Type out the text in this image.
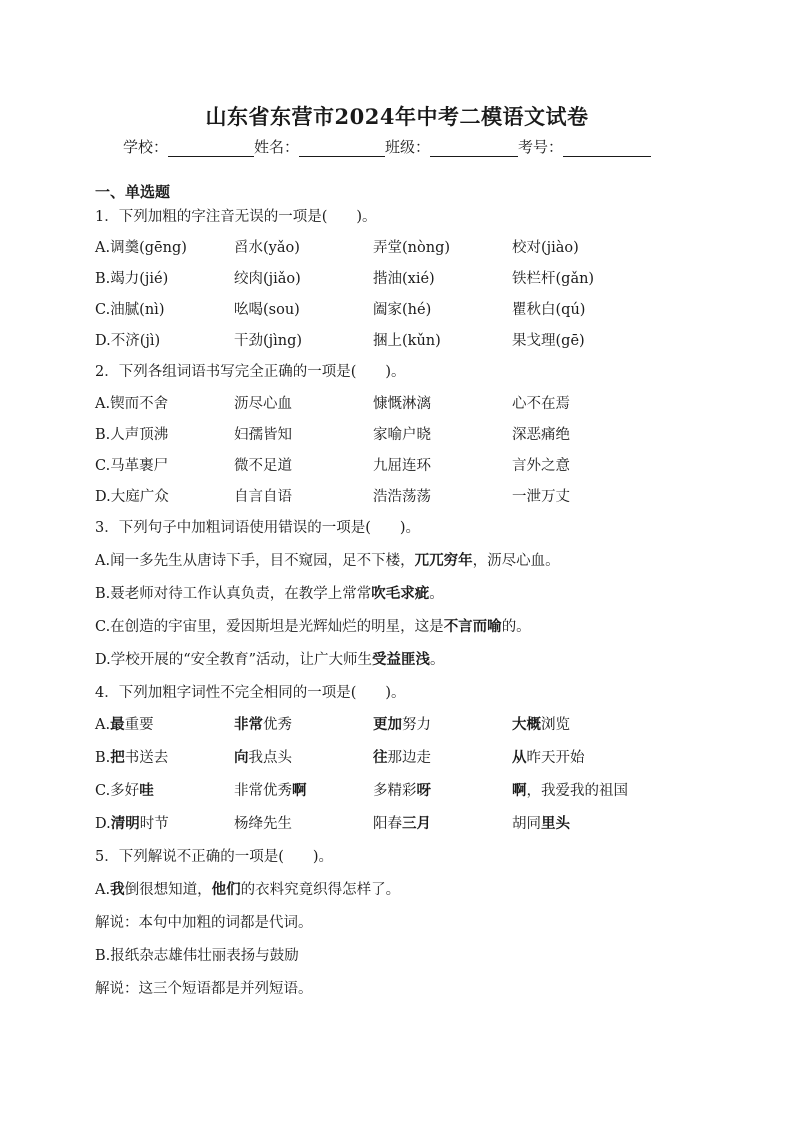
山东省东营市2024年中考二模语文试卷
学校：	姓名：	班级：	考号：
一、单选题
1．下列加粗的字注音无误的一项是(　　)。
A.调羹(gēng)	舀水(yǎo)	弄堂(nòng)	校对(jiào)
B.竭力(jié)	绞肉(jiǎo)	揩油(xié)	铁栏杆(gǎn)
C.油腻(nì)	吆喝(sou)	阖家(hé)	瞿秋白(qú)
D.不济(jì)	干劲(jìng)	捆上(kǔn)	果戈理(gē)
2．下列各组词语书写完全正确的一项是(　　)。
A.锲而不舍	沥尽心血	慷慨淋漓	心不在焉
B.人声顶沸	妇孺皆知	家喻户晓	深恶痛绝
C.马革裹尸	微不足道	九屈连环	言外之意
D.大庭广众	自言自语	浩浩荡荡	一泄万丈
3．下列句子中加粗词语使用错误的一项是(　　)。
A.闻一多先生从唐诗下手，目不窥园，足不下楼，兀兀穷年，沥尽心血。
B.聂老师对待工作认真负责，在教学上常常吹毛求疵。
C.在创造的宇宙里，爱因斯坦是光辉灿烂的明星，这是不言而喻的。
D.学校开展的“安全教育”活动，让广大师生受益匪浅。
4．下列加粗字词性不完全相同的一项是(　　)。
A.最重要	非常优秀	更加努力	大概浏览
B.把书送去	向我点头	往那边走	从昨天开始
C.多好哇	非常优秀啊	多精彩呀	啊，我爱我的祖国
D.清明时节	杨绛先生	阳春三月	胡同里头
5．下列解说不正确的一项是(　　)。
A.我倒很想知道，他们的衣料究竟织得怎样了。
解说：本句中加粗的词都是代词。
B.报纸杂志雄伟壮丽表扬与鼓励
解说：这三个短语都是并列短语。
